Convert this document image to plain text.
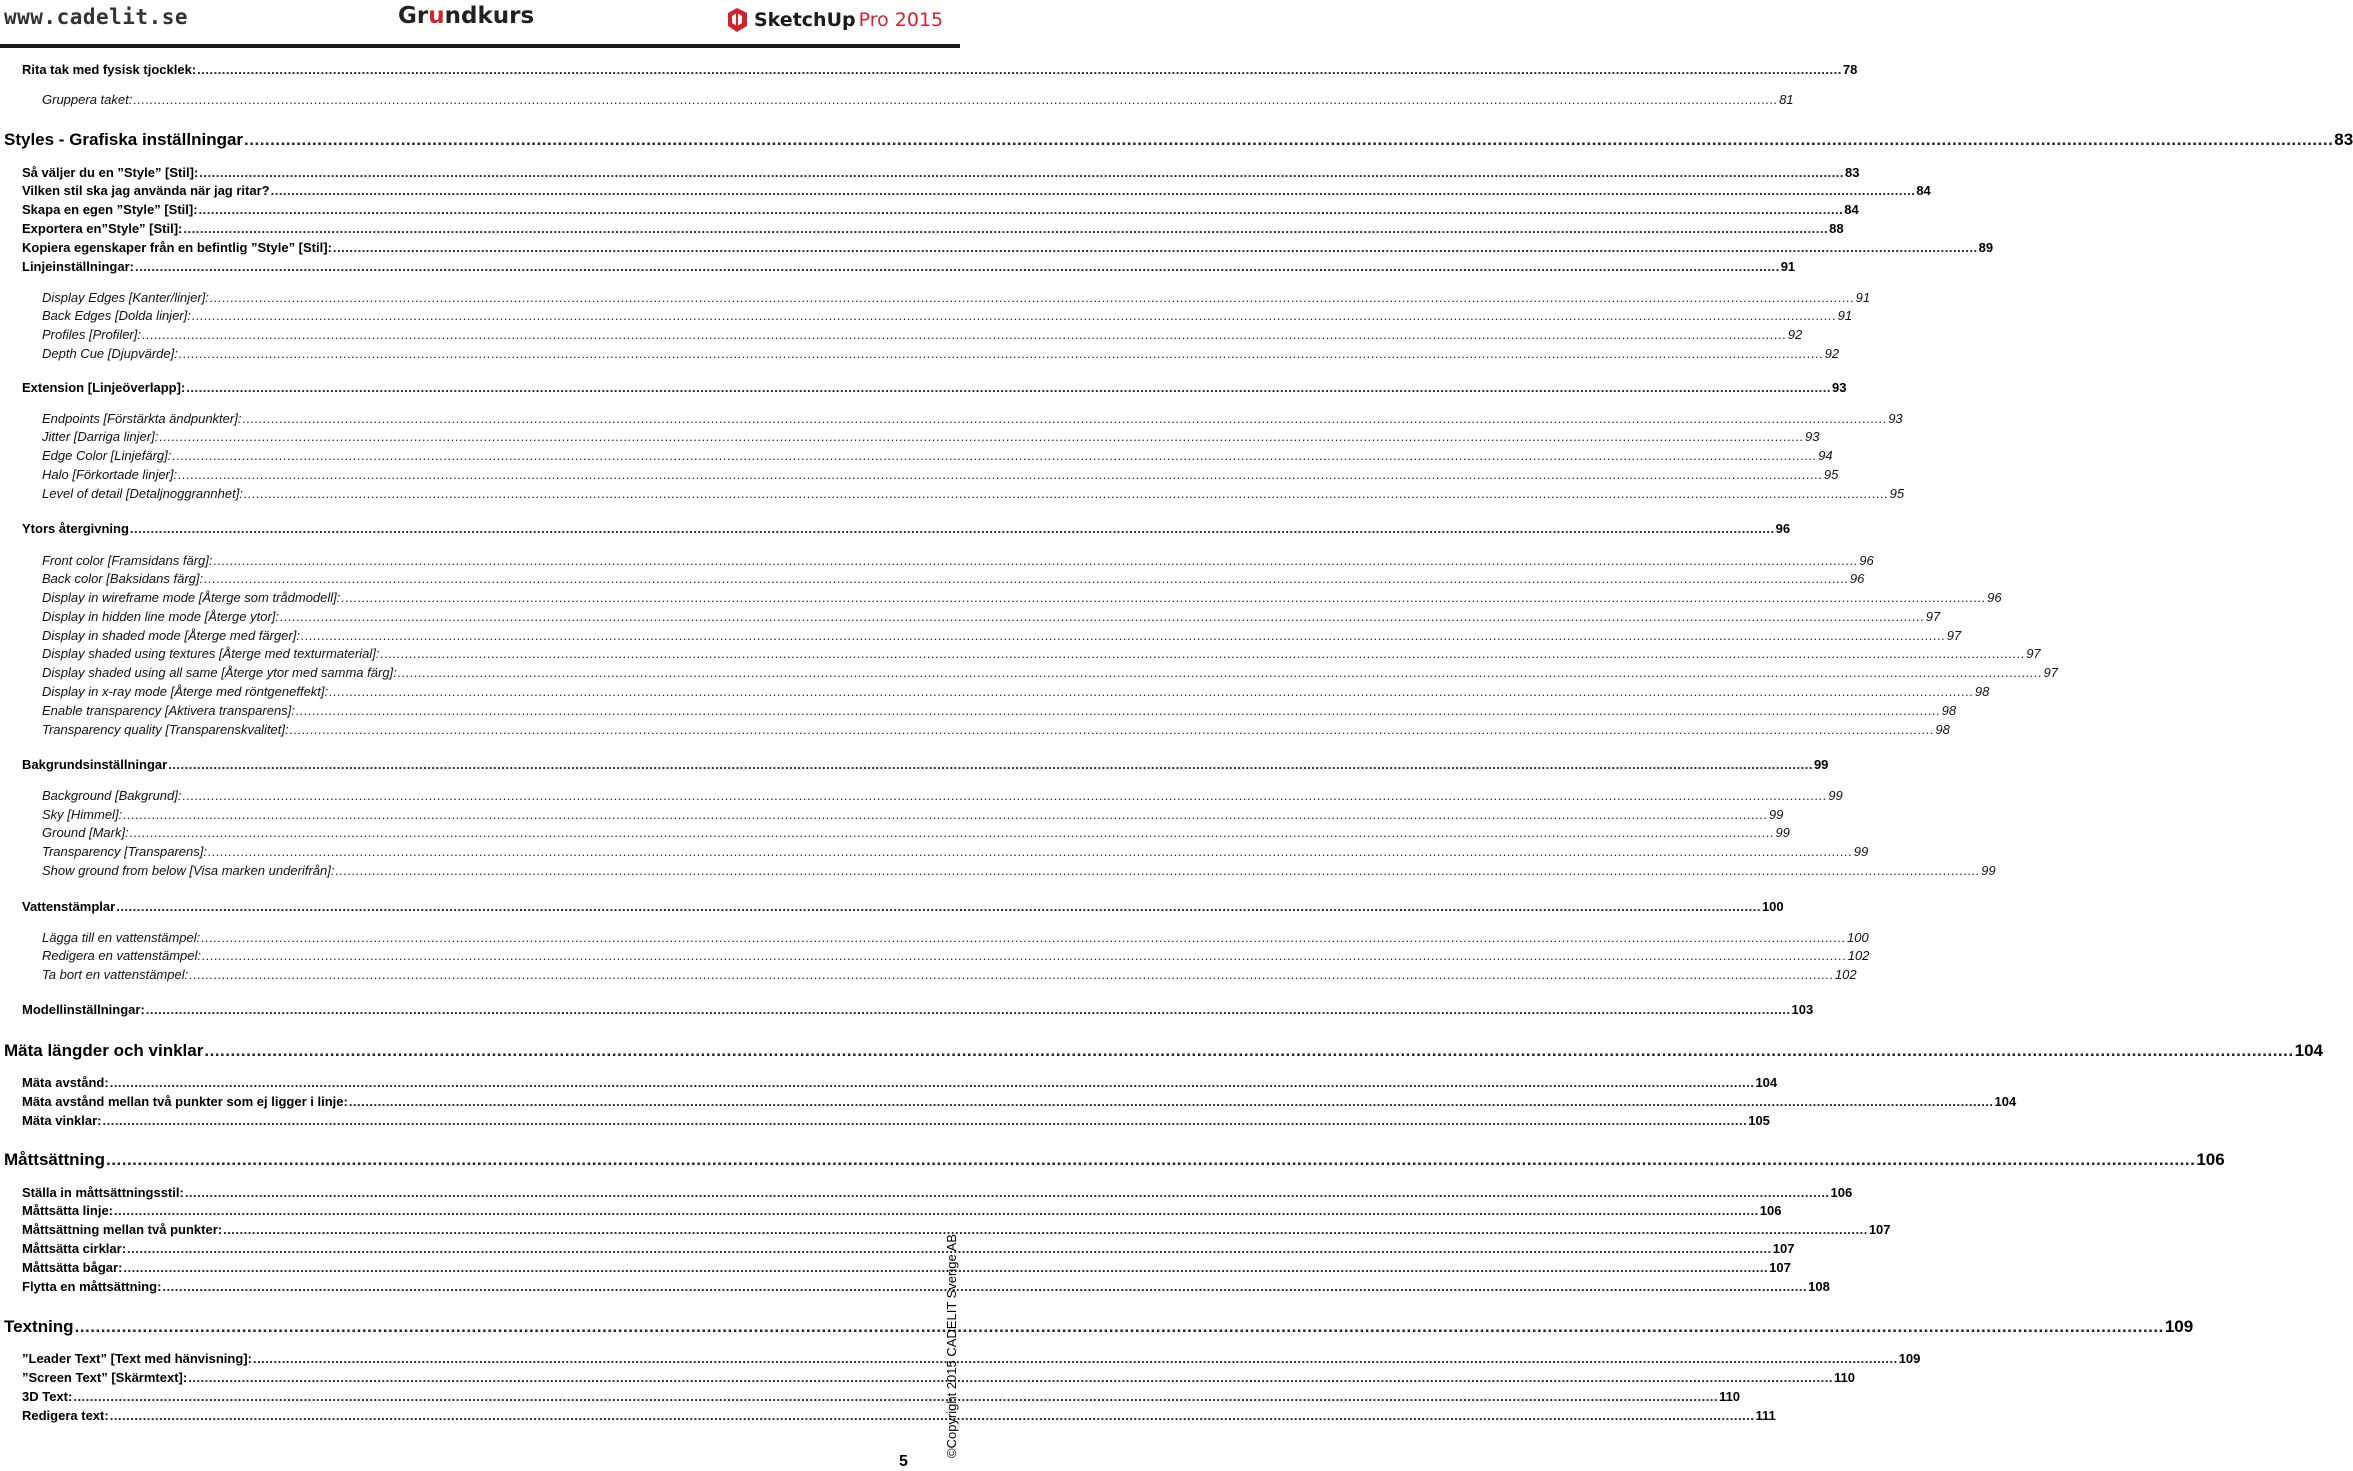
www.cadelit.se	Grundkurs	SketchUp Pro 2015
Rita tak med fysisk tjocklek: ................................................................................................................................................................................................................................................................................................................................................................................................................ 78
Gruppera taket: ................................................................................................................................................................................................................................................................................................................................................................................................................ 81
Styles - Grafiska inställningar ................................................................................................................................................................................................................................................................................................................................................................................................................ 83
Så väljer du en ”Style” [Stil]: ................................................................................................................................................................................................................................................................................................................................................................................................................ 83
Vilken stil ska jag använda när jag ritar? ................................................................................................................................................................................................................................................................................................................................................................................................................ 84
Skapa en egen ”Style” [Stil]: ................................................................................................................................................................................................................................................................................................................................................................................................................ 84
Exportera en”Style” [Stil]: ................................................................................................................................................................................................................................................................................................................................................................................................................ 88
Kopiera egenskaper från en befintlig ”Style” [Stil]: ................................................................................................................................................................................................................................................................................................................................................................................................................ 89
Linjeinställningar: ................................................................................................................................................................................................................................................................................................................................................................................................................ 91
Display Edges [Kanter/linjer]: ................................................................................................................................................................................................................................................................................................................................................................................................................ 91
Back Edges [Dolda linjer]: ................................................................................................................................................................................................................................................................................................................................................................................................................ 91
Profiles [Profiler]: ................................................................................................................................................................................................................................................................................................................................................................................................................ 92
Depth Cue [Djupvärde]: ................................................................................................................................................................................................................................................................................................................................................................................................................ 92
Extension [Linjeöverlapp]: ................................................................................................................................................................................................................................................................................................................................................................................................................ 93
Endpoints [Förstärkta ändpunkter]: ................................................................................................................................................................................................................................................................................................................................................................................................................ 93
Jitter [Darriga linjer]: ................................................................................................................................................................................................................................................................................................................................................................................................................ 93
Edge Color [Linjefärg]: ................................................................................................................................................................................................................................................................................................................................................................................................................ 94
Halo [Förkortade linjer]: ................................................................................................................................................................................................................................................................................................................................................................................................................ 95
Level of detail [Detaljnoggrannhet]: ................................................................................................................................................................................................................................................................................................................................................................................................................ 95
Ytors återgivning ................................................................................................................................................................................................................................................................................................................................................................................................................ 96
Front color [Framsidans färg]: ................................................................................................................................................................................................................................................................................................................................................................................................................ 96
Back color [Baksidans färg]: ................................................................................................................................................................................................................................................................................................................................................................................................................ 96
Display in wireframe mode [Återge som trådmodell]: ................................................................................................................................................................................................................................................................................................................................................................................................................ 96
Display in hidden line mode [Återge ytor]: ................................................................................................................................................................................................................................................................................................................................................................................................................ 97
Display in shaded mode [Återge med färger]: ................................................................................................................................................................................................................................................................................................................................................................................................................ 97
Display shaded using textures [Återge med texturmaterial]: ................................................................................................................................................................................................................................................................................................................................................................................................................ 97
Display shaded using all same [Återge ytor med samma färg]: ................................................................................................................................................................................................................................................................................................................................................................................................................ 97
Display in x-ray mode [Återge med röntgeneffekt]: ................................................................................................................................................................................................................................................................................................................................................................................................................ 98
Enable transparency [Aktivera transparens]: ................................................................................................................................................................................................................................................................................................................................................................................................................ 98
Transparency quality [Transparenskvalitet]: ................................................................................................................................................................................................................................................................................................................................................................................................................ 98
Bakgrundsinställningar ................................................................................................................................................................................................................................................................................................................................................................................................................ 99
Background [Bakgrund]: ................................................................................................................................................................................................................................................................................................................................................................................................................ 99
Sky [Himmel]: ................................................................................................................................................................................................................................................................................................................................................................................................................ 99
Ground [Mark]: ................................................................................................................................................................................................................................................................................................................................................................................................................ 99
Transparency [Transparens]: ................................................................................................................................................................................................................................................................................................................................................................................................................ 99
Show ground from below [Visa marken underifrån]: ................................................................................................................................................................................................................................................................................................................................................................................................................ 99
Vattenstämplar ................................................................................................................................................................................................................................................................................................................................................................................................................ 100
Lägga till en vattenstämpel: ................................................................................................................................................................................................................................................................................................................................................................................................................ 100
Redigera en vattenstämpel: ................................................................................................................................................................................................................................................................................................................................................................................................................ 102
Ta bort en vattenstämpel: ................................................................................................................................................................................................................................................................................................................................................................................................................ 102
Modellinställningar: ................................................................................................................................................................................................................................................................................................................................................................................................................ 103
Mäta längder och vinklar ................................................................................................................................................................................................................................................................................................................................................................................................................ 104
Mäta avstånd: ................................................................................................................................................................................................................................................................................................................................................................................................................ 104
Mäta avstånd mellan två punkter som ej ligger i linje: ................................................................................................................................................................................................................................................................................................................................................................................................................ 104
Mäta vinklar: ................................................................................................................................................................................................................................................................................................................................................................................................................ 105
Måttsättning ................................................................................................................................................................................................................................................................................................................................................................................................................ 106
Ställa in måttsättningsstil: ................................................................................................................................................................................................................................................................................................................................................................................................................ 106
Måttsätta linje: ................................................................................................................................................................................................................................................................................................................................................................................................................ 106
Måttsättning mellan två punkter: ................................................................................................................................................................................................................................................................................................................................................................................................................ 107
Måttsätta cirklar: ................................................................................................................................................................................................................................................................................................................................................................................................................ 107
Måttsätta bågar: ................................................................................................................................................................................................................................................................................................................................................................................................................ 107
Flytta en måttsättning: ................................................................................................................................................................................................................................................................................................................................................................................................................ 108
Textning ................................................................................................................................................................................................................................................................................................................................................................................................................ 109
”Leader Text” [Text med hänvisning]: ................................................................................................................................................................................................................................................................................................................................................................................................................ 109
”Screen Text” [Skärmtext]: ................................................................................................................................................................................................................................................................................................................................................................................................................ 110
3D Text: ................................................................................................................................................................................................................................................................................................................................................................................................................ 110
Redigera text: ................................................................................................................................................................................................................................................................................................................................................................................................................ 111
5
©Copyright 2015 CADELIT Sverige AB
